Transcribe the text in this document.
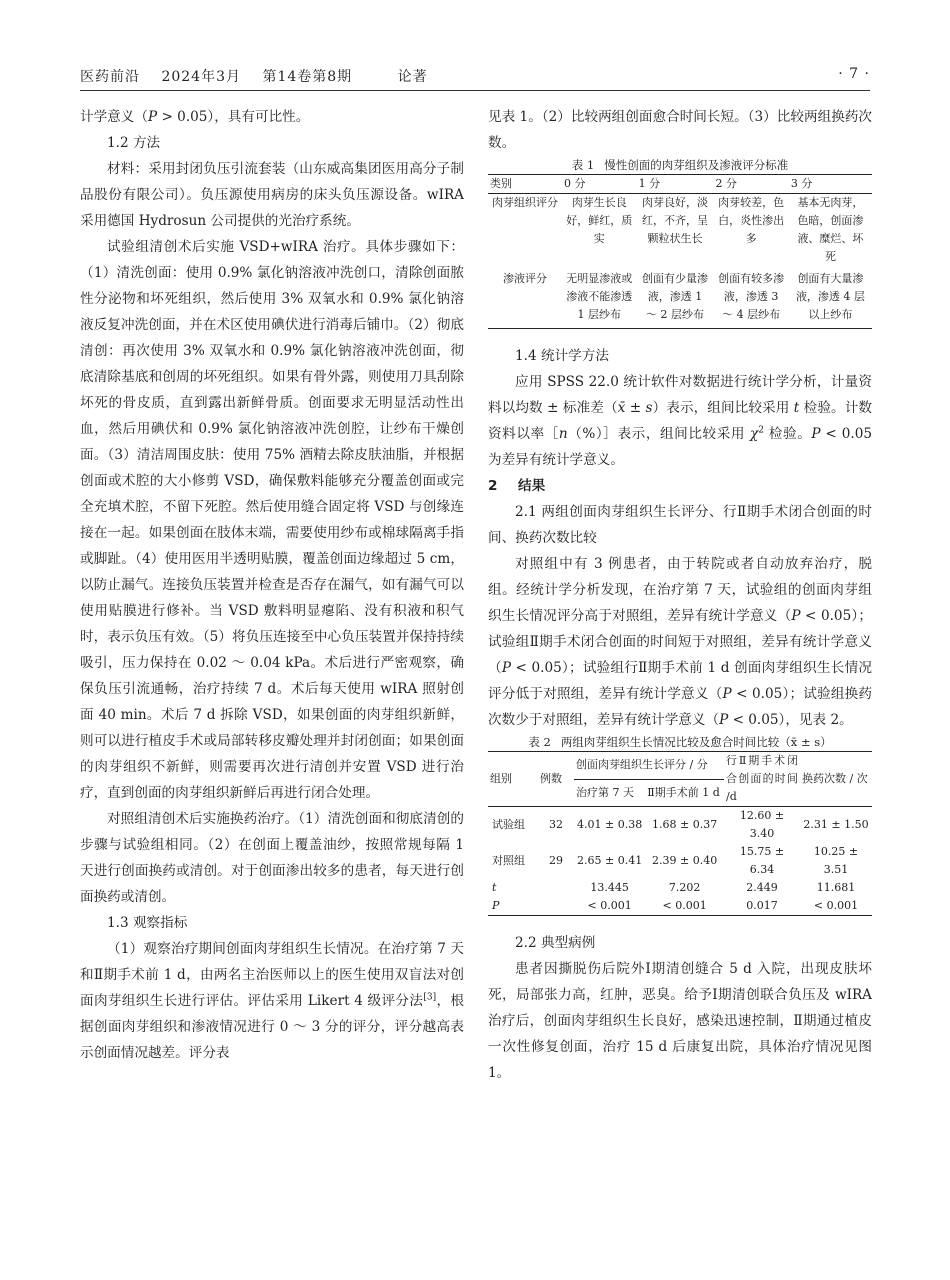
医药前沿 2024年3月 第14卷第8期	论著	· 7 ·

计学意义（P > 0.05），具有可比性。

1.2 方法

材料：采用封闭负压引流套装（山东威高集团医用高分子制品股份有限公司）。负压源使用病房的床头负压源设备。wIRA 采用德国 Hydrosun 公司提供的光治疗系统。

试验组清创术后实施 VSD+wIRA 治疗。具体步骤如下：（1）清洗创面：使用 0.9% 氯化钠溶液冲洗创口，清除创面脓性分泌物和坏死组织，然后使用 3% 双氧水和 0.9% 氯化钠溶液反复冲洗创面，并在术区使用碘伏进行消毒后铺巾。（2）彻底清创：再次使用 3% 双氧水和 0.9% 氯化钠溶液冲洗创面，彻底清除基底和创周的坏死组织。如果有骨外露，则使用刀具刮除坏死的骨皮质，直到露出新鲜骨质。创面要求无明显活动性出血，然后用碘伏和 0.9% 氯化钠溶液冲洗创腔，让纱布干燥创面。（3）清洁周围皮肤：使用 75% 酒精去除皮肤油脂，并根据创面或术腔的大小修剪 VSD，确保敷料能够充分覆盖创面或完全充填术腔，不留下死腔。然后使用缝合固定将 VSD 与创缘连接在一起。如果创面在肢体末端，需要使用纱布或棉球隔离手指或脚趾。（4）使用医用半透明贴膜，覆盖创面边缘超过 5 cm，以防止漏气。连接负压装置并检查是否存在漏气，如有漏气可以使用贴膜进行修补。当 VSD 敷料明显瘪陷、没有积液和积气时，表示负压有效。（5）将负压连接至中心负压装置并保持持续吸引，压力保持在 0.02 ～ 0.04 kPa。术后进行严密观察，确保负压引流通畅，治疗持续 7 d。术后每天使用 wIRA 照射创面 40 min。术后 7 d 拆除 VSD，如果创面的肉芽组织新鲜，则可以进行植皮手术或局部转移皮瓣处理并封闭创面；如果创面的肉芽组织不新鲜，则需要再次进行清创并安置 VSD 进行治疗，直到创面的肉芽组织新鲜后再进行闭合处理。

对照组清创术后实施换药治疗。（1）清洗创面和彻底清创的步骤与试验组相同。（2）在创面上覆盖油纱，按照常规每隔 1 天进行创面换药或清创。对于创面渗出较多的患者，每天进行创面换药或清创。

1.3 观察指标

（1）观察治疗期间创面肉芽组织生长情况。在治疗第 7 天和Ⅱ期手术前 1 d，由两名主治医师以上的医生使用双盲法对创面肉芽组织生长进行评估。评估采用 Likert 4 级评分法[3]，根据创面肉芽组织和渗液情况进行 0 ～ 3 分的评分，评分越高表示创面情况越差。评分表

见表 1。（2）比较两组创面愈合时间长短。（3）比较两组换药次数。

表 1 慢性创面的肉芽组织及渗液评分标准

类别	0 分	1 分	2 分	3 分
肉芽组织评分	肉芽生长良好，鲜红，质实	肉芽良好，淡红，不齐，呈颗粒状生长	肉芽较差，色白，炎性渗出多	基本无肉芽，色暗，创面渗液、糜烂、坏死
渗液评分	无明显渗液或渗液不能渗透 1 层纱布	创面有少量渗液，渗透 1 ～ 2 层纱布	创面有较多渗液，渗透 3 ～ 4 层纱布	创面有大量渗液，渗透 4 层以上纱布

1.4 统计学方法

应用 SPSS 22.0 统计软件对数据进行统计学分析，计量资料以均数 ± 标准差（x̄ ± s）表示，组间比较采用 t 检验。计数资料以率［n（%）］表示，组间比较采用 $\chi^2$ 检验。P < 0.05 为差异有统计学意义。

2 结果

2.1 两组创面肉芽组织生长评分、行Ⅱ期手术闭合创面的时间、换药次数比较

对照组中有 3 例患者，由于转院或者自动放弃治疗，脱组。经统计学分析发现，在治疗第 7 天，试验组的创面肉芽组织生长情况评分高于对照组，差异有统计学意义（P < 0.05）；试验组Ⅱ期手术闭合创面的时间短于对照组，差异有统计学意义（P < 0.05）；试验组行Ⅱ期手术前 1 d 创面肉芽组织生长情况评分低于对照组，差异有统计学意义（P < 0.05）；试验组换药次数少于对照组，差异有统计学意义（P < 0.05），见表 2。

表 2 两组肉芽组织生长情况比较及愈合时间比较（x̄ ± s）

组别	例数	创面肉芽组织生长评分 / 分		行Ⅱ期手术闭合创面的时间 /d	换药次数 / 次
		治疗第 7 天	Ⅱ期手术前 1 d		
试验组	32	4.01 ± 0.38	1.68 ± 0.37	12.60 ± 3.40	2.31 ± 1.50
对照组	29	2.65 ± 0.41	2.39 ± 0.40	15.75 ± 6.34	10.25 ± 3.51
t		13.445	7.202	2.449	11.681
P		< 0.001	< 0.001	0.017	< 0.001

2.2 典型病例

患者因撕脱伤后院外Ⅰ期清创缝合 5 d 入院，出现皮肤坏死，局部张力高，红肿，恶臭。给予Ⅰ期清创联合负压及 wIRA 治疗后，创面肉芽组织生长良好，感染迅速控制，Ⅱ期通过植皮一次性修复创面，治疗 15 d 后康复出院，具体治疗情况见图 1。
